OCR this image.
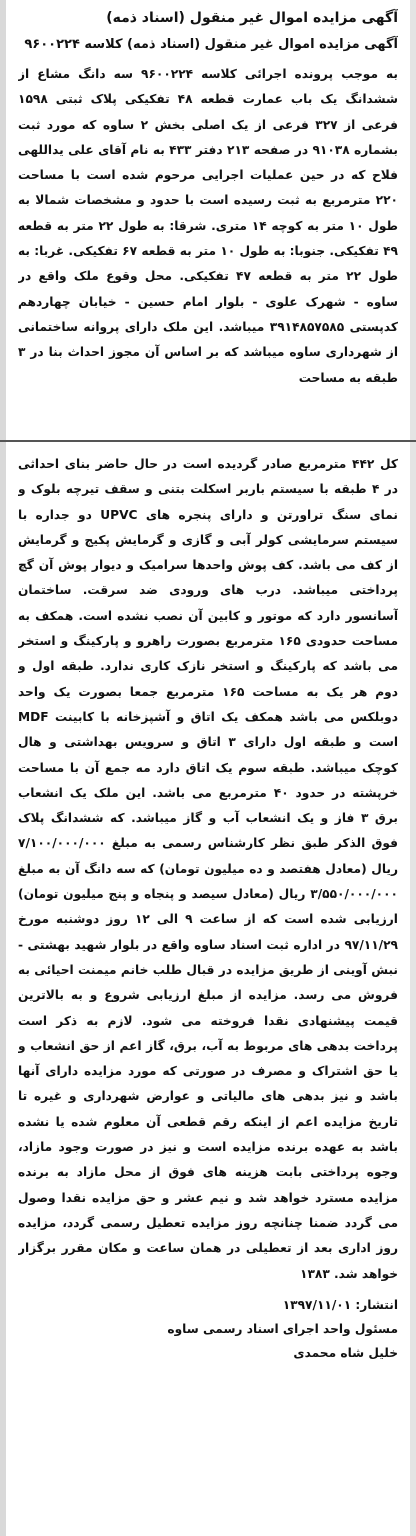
آگهی مزایده اموال غیر منقول (اسناد ذمه)
آگهی مزایده اموال غیر منقول (اسناد ذمه) کلاسه ۹۶۰۰۲۲۴

به موجب پرونده اجرائی کلاسه ۹۶۰۰۲۲۴ سه دانگ مشاع از ششدانگ یک باب عمارت قطعه ۴۸ تفکیکی پلاک ثبتی ۱۵۹۸ فرعی از ۳۲۷ فرعی از یک اصلی بخش ۲ ساوه که مورد ثبت بشماره ۹۱۰۳۸ در صفحه ۲۱۳ دفتر ۴۳۳ به نام آقای علی یداللهی فلاح که در حین عملیات اجرایی مرحوم شده است با مساحت ۲۲۰ مترمربع به ثبت رسیده است با حدود و مشخصات شمالا به طول ۱۰ متر به کوچه ۱۴ متری. شرقا: به طول ۲۲ متر به قطعه ۴۹ تفکیکی. جنوبا: به طول ۱۰ متر به قطعه ۶۷ تفکیکی. غربا: به طول ۲۲ متر به قطعه ۴۷ تفکیکی. محل وقوع ملک واقع در ساوه - شهرک علوی - بلوار امام حسین - خیابان چهاردهم کدپستی ۳۹۱۴۸۵۷۵۸۵ میباشد. این ملک دارای پروانه ساختمانی از شهرداری ساوه میباشد که بر اساس آن مجوز احداث بنا در ۳ طبقه به مساحت

کل ۴۴۲ مترمربع صادر گردیده است در حال حاضر بنای احداثی در ۴ طبقه با سیستم باربر اسکلت بتنی و سقف تیرچه بلوک و نمای سنگ تراورتن و دارای پنجره های UPVC دو جداره با سیستم سرمایشی کولر آبی و گازی و گرمایش پکیج و گرمایش از کف می باشد. کف پوش واحدها سرامیک و دیوار پوش آن گچ پرداختی میباشد. درب های ورودی ضد سرقت. ساختمان آسانسور دارد که موتور و کابین آن نصب نشده است. همکف به مساحت حدودی ۱۶۵ مترمربع بصورت راهرو و پارکینگ و استخر می باشد که پارکینگ و استخر نازک کاری ندارد. طبقه اول و دوم هر یک به مساحت ۱۶۵ مترمربع جمعا بصورت یک واحد دوبلکس می باشد همکف یک اتاق و آشپزخانه با کابینت MDF است و طبقه اول دارای ۳ اتاق و سرویس بهداشتی و هال کوچک میباشد. طبقه سوم یک اتاق دارد مه جمع آن با مساحت خرپشته در حدود ۴۰ مترمربع می باشد. این ملک یک انشعاب برق ۳ فاز و یک انشعاب آب و گاز میباشد. که ششدانگ پلاک فوق الذکر طبق نظر کارشناس رسمی به مبلغ ۷/۱۰۰/۰۰۰/۰۰۰ ریال (معادل هفتصد و ده میلیون تومان) که سه دانگ آن به مبلغ ۳/۵۵۰/۰۰۰/۰۰۰ ریال (معادل سیصد و پنجاه و پنج میلیون تومان) ارزیابی شده است که از ساعت ۹ الی ۱۲ روز دوشنبه مورخ ۹۷/۱۱/۲۹ در اداره ثبت اسناد ساوه واقع در بلوار شهید بهشتی - نبش آوینی از طریق مزایده در قبال طلب خانم میمنت احیائی به فروش می رسد. مزایده از مبلغ ارزیابی شروع و به بالاترین قیمت پیشنهادی نقدا فروخته می شود. لازم به ذکر است پرداخت بدهی های مربوط به آب، برق، گاز اعم از حق انشعاب و یا حق اشتراک و مصرف در صورتی که مورد مزایده دارای آنها باشد و نیز بدهی های مالیاتی و عوارض شهرداری و غیره تا تاریخ مزایده اعم از اینکه رقم قطعی آن معلوم شده یا نشده باشد به عهده برنده مزایده است و نیز در صورت وجود مازاد، وجوه پرداختی بابت هزینه های فوق از محل مازاد به برنده مزایده مسترد خواهد شد و نیم عشر و حق مزایده نقدا وصول می گردد ضمنا چنانچه روز مزایده تعطیل رسمی گردد، مزایده روز اداری بعد از تعطیلی در همان ساعت و مکان مقرر برگزار خواهد شد. ۱۳۸۳

انتشار: ۱۳۹۷/۱۱/۰۱
مسئول واحد اجرای اسناد رسمی ساوه
خلیل شاه محمدی
